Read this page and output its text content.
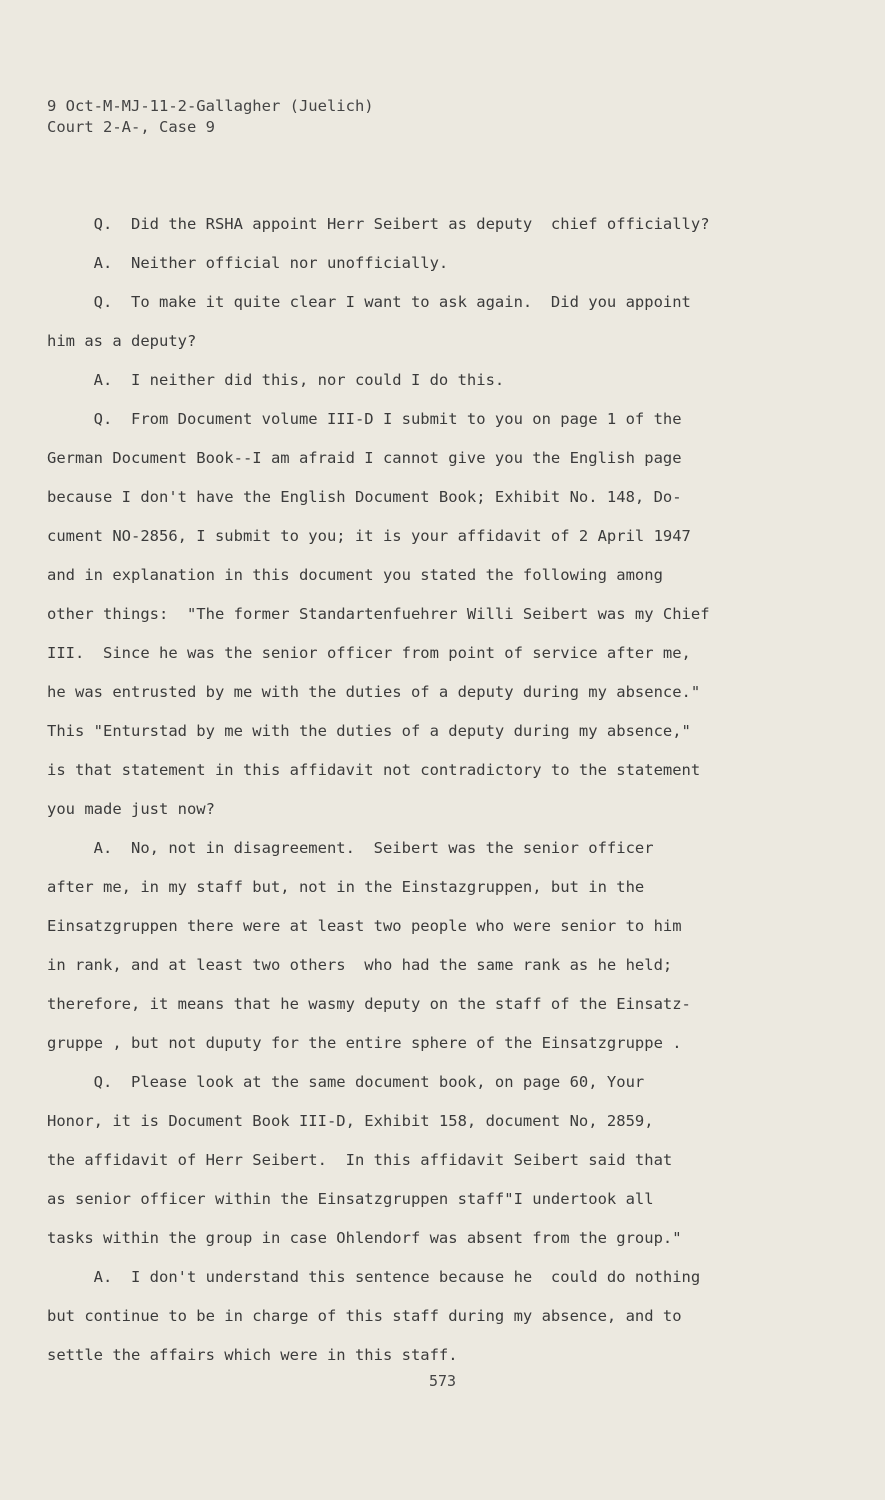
9 Oct-M-MJ-11-2-Gallagher (Juelich)
Court 2-A-, Case 9
Q.  Did the RSHA appoint Herr Seibert as deputy  chief officially?
A.  Neither official nor unofficially.
Q.  To make it quite clear I want to ask again.  Did you appoint
him as a deputy?
A.  I neither did this, nor could I do this.
Q.  From Document volume III-D I submit to you on page 1 of the
German Document Book--I am afraid I cannot give you the English page
because I don't have the English Document Book; Exhibit No. 148, Do-
cument NO-2856, I submit to you; it is your affidavit of 2 April 1947
and in explanation in this document you stated the following among
other things:  "The former Standartenfuehrer Willi Seibert was my Chief
III.  Since he was the senior officer from point of service after me,
he was entrusted by me with the duties of a deputy during my absence."
This "Enturstad by me with the duties of a deputy during my absence,"
is that statement in this affidavit not contradictory to the statement
you made just now?
A.  No, not in disagreement.  Seibert was the senior officer
after me, in my staff but, not in the Einstazgruppen, but in the
Einsatzgruppen there were at least two people who were senior to him
in rank, and at least two others  who had the same rank as he held;
therefore, it means that he wasmy deputy on the staff of the Einsatz-
gruppe , but not duputy for the entire sphere of the Einsatzgruppe .
Q.  Please look at the same document book, on page 60, Your
Honor, it is Document Book III-D, Exhibit 158, document No, 2859,
the affidavit of Herr Seibert.  In this affidavit Seibert said that
as senior officer within the Einsatzgruppen staff"I undertook all
tasks within the group in case Ohlendorf was absent from the group."
A.  I don't understand this sentence because he  could do nothing
but continue to be in charge of this staff during my absence, and to
settle the affairs which were in this staff.
573
